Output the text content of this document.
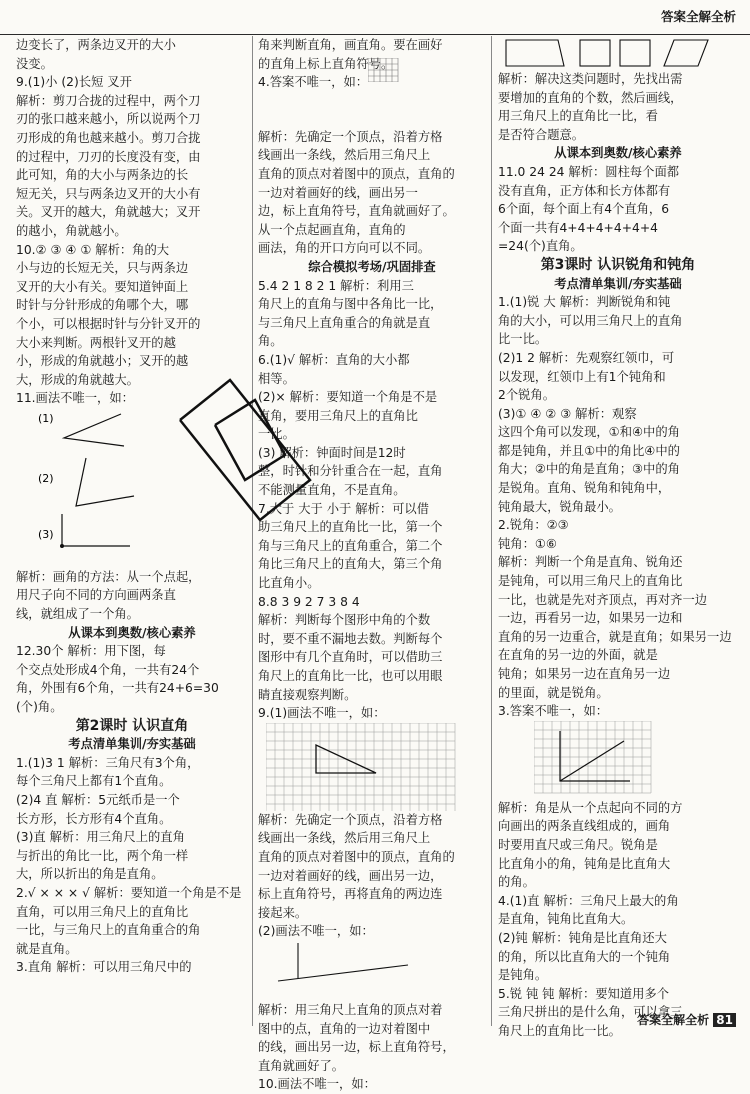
答案全解全析
边变长了，两条边叉开的大小
没变。
9.(1)小 (2)长短 叉开
解析：剪刀合拢的过程中，两个刀
刃的张口越来越小，所以说两个刀
刃形成的角也越来越小。剪刀合拢
的过程中，刀刃的长度没有变，由
此可知，角的大小与两条边的长
短无关，只与两条边叉开的大小有
关。叉开的越大，角就越大；叉开
的越小，角就越小。
10.② ③ ④ ① 解析：角的大
小与边的长短无关，只与两条边
叉开的大小有关。要知道钟面上
时针与分针形成的角哪个大，哪
个小，可以根据时针与分针叉开的
大小来判断。两根针叉开的越
小，形成的角就越小；叉开的越
大，形成的角就越大。
11.画法不唯一，如：
(1)
(2)
(3)
解析：画角的方法：从一个点起，
用尺子向不同的方向画两条直
线，就组成了一个角。
从课本到奥数/核心素养
12.30个 解析：用下图，每
个交点处形成4个角，一共有24个
角，外围有6个角，一共有24+6=30
(个)角。
第2课时 认识直角
考点清单集训/夯实基础
1.(1)3 1 解析：三角尺有3个角，
每个三角尺上都有1个直角。
(2)4 直 解析：5元纸币是一个
长方形，长方形有4个直角。
(3)直 解析：用三角尺上的直角
与折出的角比一比，两个角一样
大，所以折出的角是直角。
2.√ × × × √ 解析：要知道一个角是不是
直角，可以用三角尺上的直角比
一比，与三角尺上的直角重合的角
就是直角。
3.直角 解析：可以用三角尺中的
角来判断直角，画直角。要在画好
的直角上标上直角符号。
4.答案不唯一，如：
解析：先确定一个顶点，沿着方格
线画出一条线，然后用三角尺上
直角的顶点对着图中的顶点，直角的
一边对着画好的线，画出另一
边，标上直角符号，直角就画好了。
从一个点起画直角，直角的
画法，角的开口方向可以不同。
综合模拟考场/巩固排查
5.4 2 1 8 2 1 解析：利用三
角尺上的直角与图中各角比一比，
与三角尺上直角重合的角就是直
角。
6.(1)√ 解析：直角的大小都
相等。
(2)× 解析：要知道一个角是不是
直角，要用三角尺上的直角比
一比。
(3) 解析：钟面时间是12时
整，时针和分针重合在一起，直角
不能测量直角，不是直角。
7.大于 大于 小于 解析：可以借
助三角尺上的直角比一比，第一个
角与三角尺上的直角重合，第二个
角比三角尺上的直角大，第三个角
比直角小。
8.8 3 9 2 7 3 8 4
解析：判断每个图形中角的个数
时，要不重不漏地去数。判断每个
图形中有几个直角时，可以借助三
角尺上的直角比一比，也可以用眼
睛直接观察判断。
9.(1)画法不唯一，如：
解析：先确定一个顶点，沿着方格
线画出一条线，然后用三角尺上
直角的顶点对着图中的顶点，直角的
一边对着画好的线，画出另一边，
标上直角符号，再将直角的两边连
接起来。
(2)画法不唯一，如：
解析：用三角尺上直角的顶点对着
图中的点，直角的一边对着图中
的线，画出另一边，标上直角符号，
直角就画好了。
10.画法不唯一，如：
解析：解决这类问题时，先找出需
要增加的直角的个数，然后画线，
用三角尺上的直角比一比，看
是否符合题意。
从课本到奥数/核心素养
11.0 24 24 解析：圆柱每个面都
没有直角，正方体和长方体都有
6个面，每个面上有4个直角，6
个面一共有4+4+4+4+4+4
=24(个)直角。
第3课时 认识锐角和钝角
考点清单集训/夯实基础
1.(1)锐 大 解析：判断锐角和钝
角的大小，可以用三角尺上的直角
比一比。
(2)1 2 解析：先观察红领巾，可
以发现，红领巾上有1个钝角和
2个锐角。
(3)① ④ ② ③ 解析：观察
这四个角可以发现，①和④中的角
都是钝角，并且①中的角比④中的
角大；②中的角是直角；③中的角
是锐角。直角、锐角和钝角中，
钝角最大，锐角最小。
2.锐角：②③
钝角：①⑥
解析：判断一个角是直角、锐角还
是钝角，可以用三角尺上的直角比
一比，也就是先对齐顶点，再对齐一边
一边，再看另一边，如果另一边和
直角的另一边重合，就是直角；如果另一边
在直角的另一边的外面，就是
钝角；如果另一边在直角另一边
的里面，就是锐角。
3.答案不唯一，如：
解析：角是从一个点起向不同的方
向画出的两条直线组成的，画角
时要用直尺或三角尺。锐角是
比直角小的角，钝角是比直角大
的角。
4.(1)直 解析：三角尺上最大的角
是直角，钝角比直角大。
(2)钝 解析：钝角是比直角还大
的角，所以比直角大的一个钝角
是钝角。
5.锐 钝 钝 解析：要知道用多个
三角尺拼出的是什么角，可以拿三
角尺上的直角比一比。
答案全解全析 81
